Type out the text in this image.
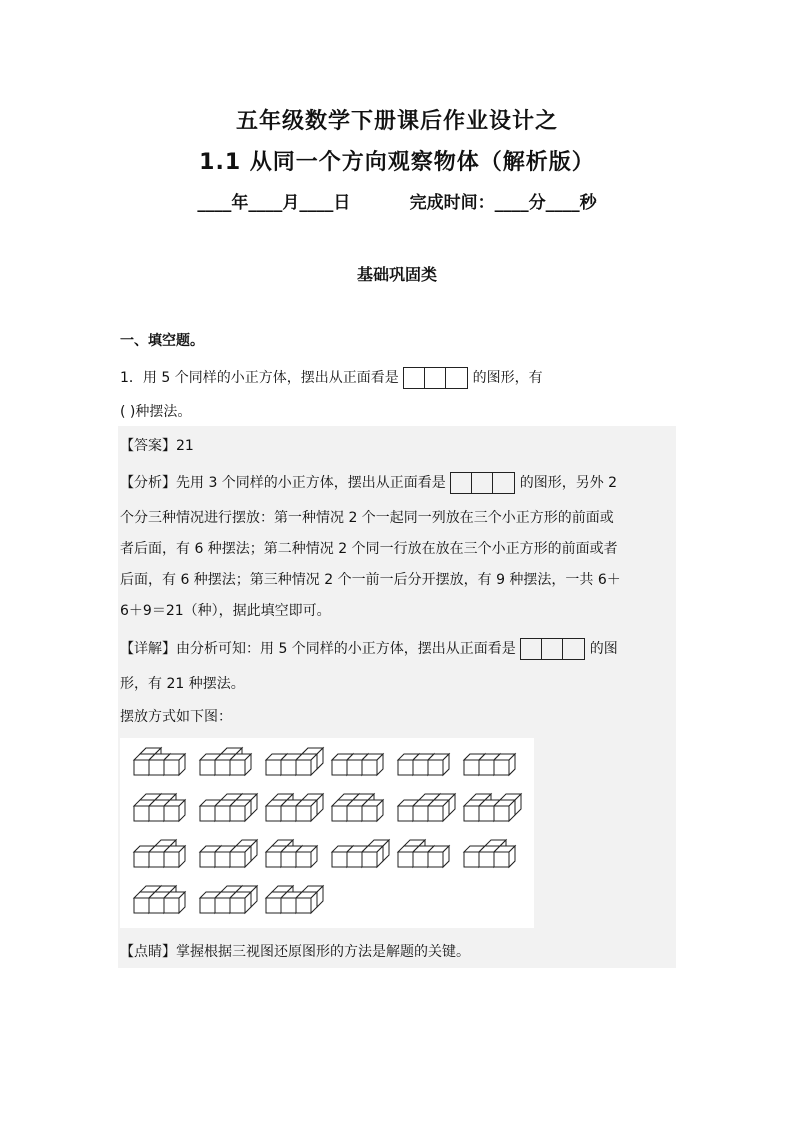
五年级数学下册课后作业设计之
1.1 从同一个方向观察物体（解析版）
____年____月____日          完成时间：____分____秒
基础巩固类
一、填空题。
1．用 5 个同样的小正方体，摆出从正面看是	的图形，有
( )种摆法。
【答案】21
【分析】先用 3 个同样的小正方体，摆出从正面看是	的图形，另外 2
个分三种情况进行摆放：第一种情况 2 个一起同一列放在三个小正方形的前面或
者后面，有 6 种摆法；第二种情况 2 个同一行放在放在三个小正方形的前面或者
后面，有 6 种摆法；第三种情况 2 个一前一后分开摆放，有 9 种摆法，一共 6＋
6＋9＝21（种），据此填空即可。
【详解】由分析可知：用 5 个同样的小正方体，摆出从正面看是	的图
形，有 21 种摆法。
摆放方式如下图：
【点睛】掌握根据三视图还原图形的方法是解题的关键。
